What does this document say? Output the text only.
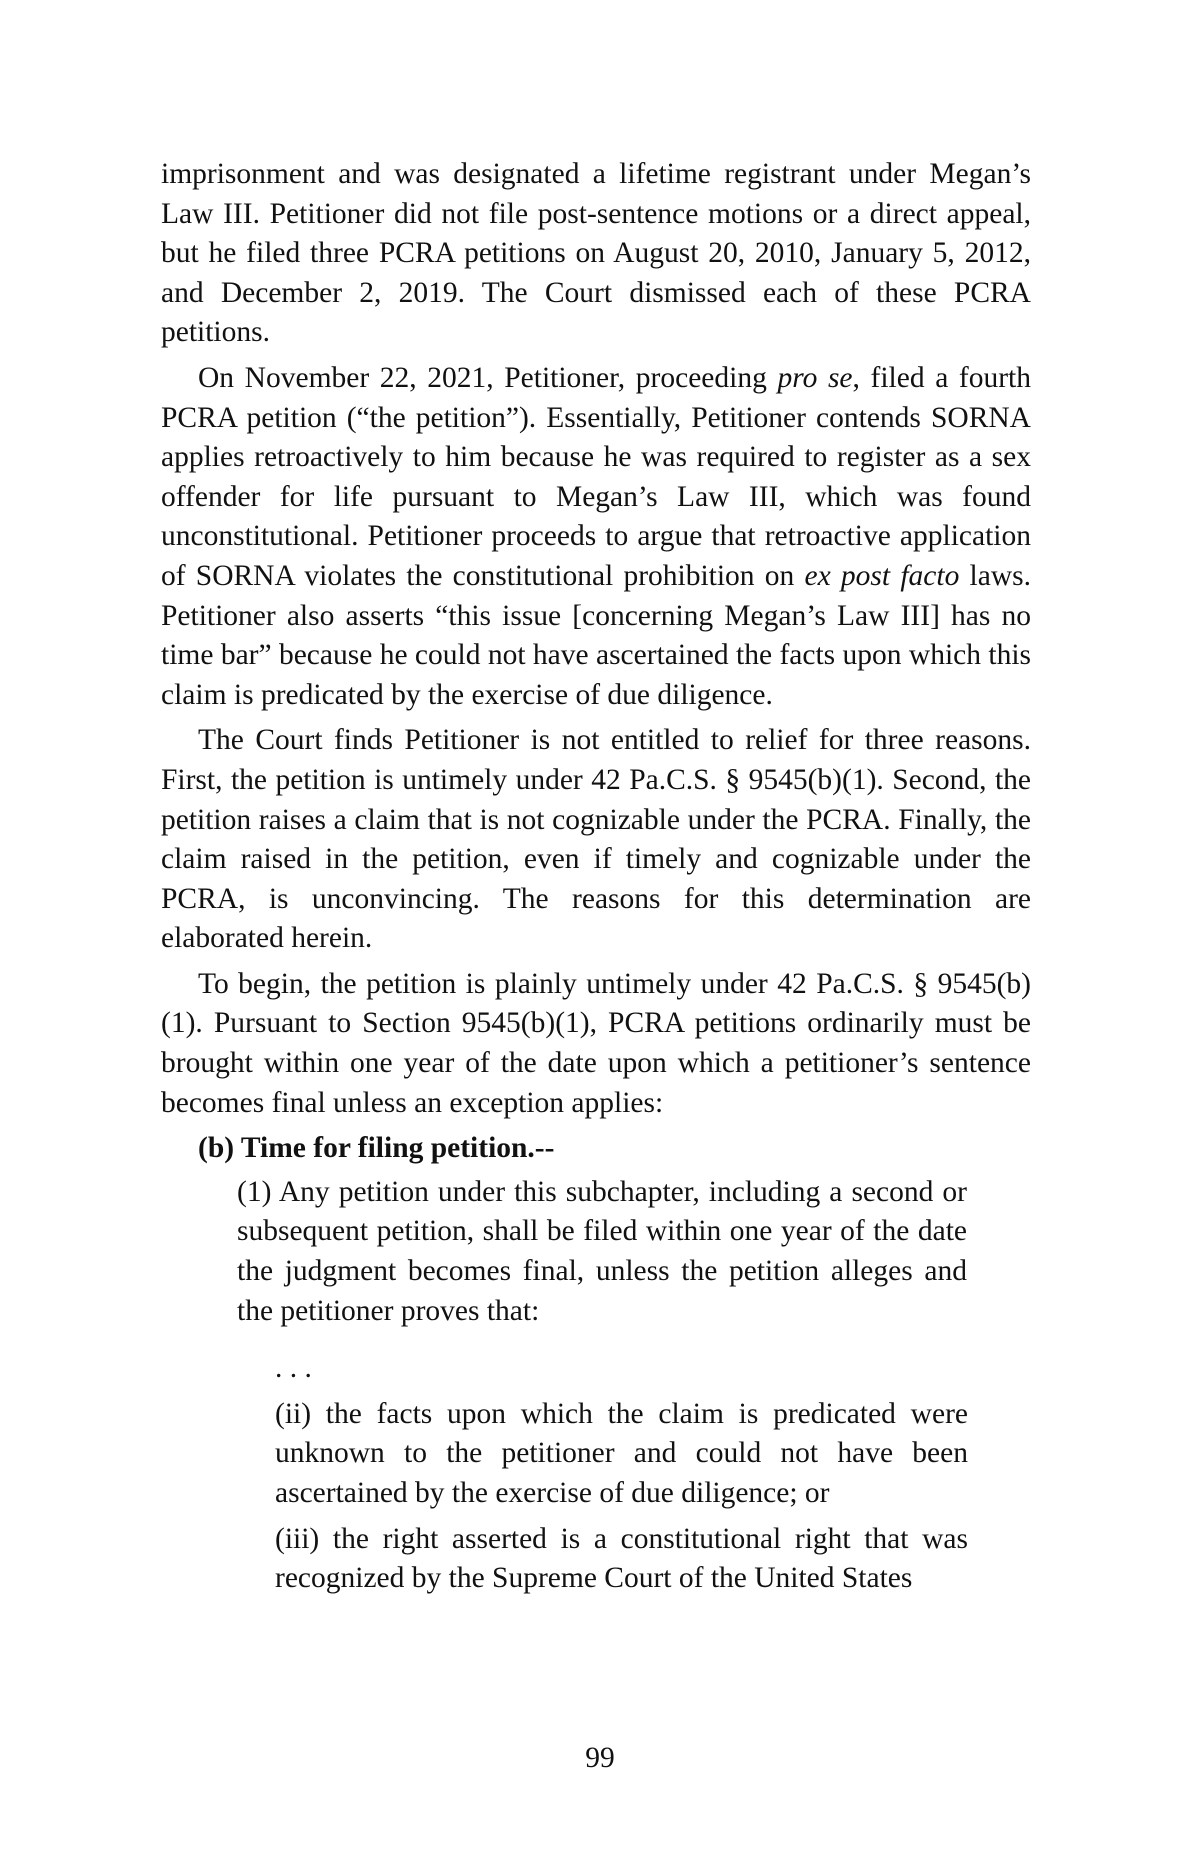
imprisonment and was designated a lifetime registrant under Megan’s Law III. Petitioner did not file post-sentence motions or a direct appeal, but he filed three PCRA petitions on August 20, 2010, January 5, 2012, and December 2, 2019. The Court dismissed each of these PCRA petitions.

On November 22, 2021, Petitioner, proceeding pro se, filed a fourth PCRA petition (“the petition”). Essentially, Petitioner contends SORNA applies retroactively to him because he was required to register as a sex offender for life pursuant to Megan’s Law III, which was found unconstitutional. Petitioner proceeds to argue that retroactive application of SORNA violates the constitutional prohibition on ex post facto laws. Petitioner also asserts “this issue [concerning Megan’s Law III] has no time bar” because he could not have ascertained the facts upon which this claim is predicated by the exercise of due diligence.

The Court finds Petitioner is not entitled to relief for three reasons. First, the petition is untimely under 42 Pa.C.S. § 9545(b)(1). Second, the petition raises a claim that is not cognizable under the PCRA. Finally, the claim raised in the petition, even if timely and cognizable under the PCRA, is unconvincing. The reasons for this determination are elaborated herein.

To begin, the petition is plainly untimely under 42 Pa.C.S. § 9545(b)(1). Pursuant to Section 9545(b)(1), PCRA petitions ordinarily must be brought within one year of the date upon which a petitioner’s sentence becomes final unless an exception applies:

(b) Time for filing petition.--

(1) Any petition under this subchapter, including a second or subsequent petition, shall be filed within one year of the date the judgment becomes final, unless the petition alleges and the petitioner proves that:

. . .

(ii) the facts upon which the claim is predicated were unknown to the petitioner and could not have been ascertained by the exercise of due diligence; or

(iii) the right asserted is a constitutional right that was recognized by the Supreme Court of the United States

99
